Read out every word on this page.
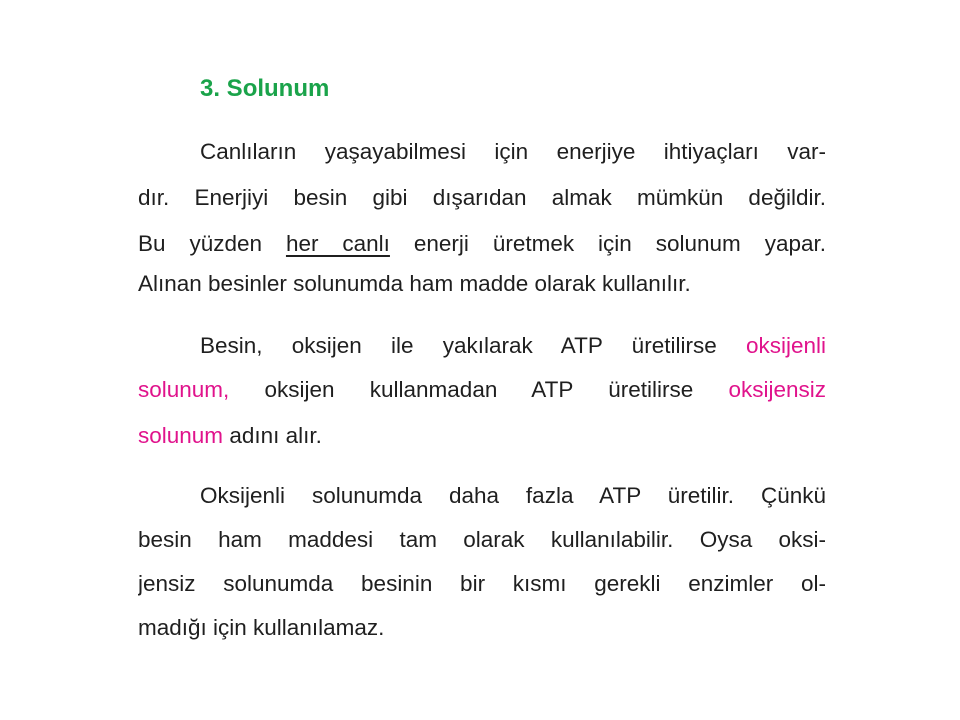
3. Solunum
Canlıların yaşayabilmesi için enerjiye ihtiyaçları var-
dır. Enerjiyi besin gibi dışarıdan almak mümkün değildir.
Bu yüzden her canlı enerji üretmek için solunum yapar.
Alınan besinler solunumda ham madde olarak kullanılır.
Besin, oksijen ile yakılarak ATP üretilirse oksijenli
solunum, oksijen kullanmadan ATP üretilirse oksijensiz
solunum adını alır.
Oksijenli solunumda daha fazla ATP üretilir. Çünkü
besin ham maddesi tam olarak kullanılabilir. Oysa oksi-
jensiz solunumda besinin bir kısmı gerekli enzimler ol-
madığı için kullanılamaz.
